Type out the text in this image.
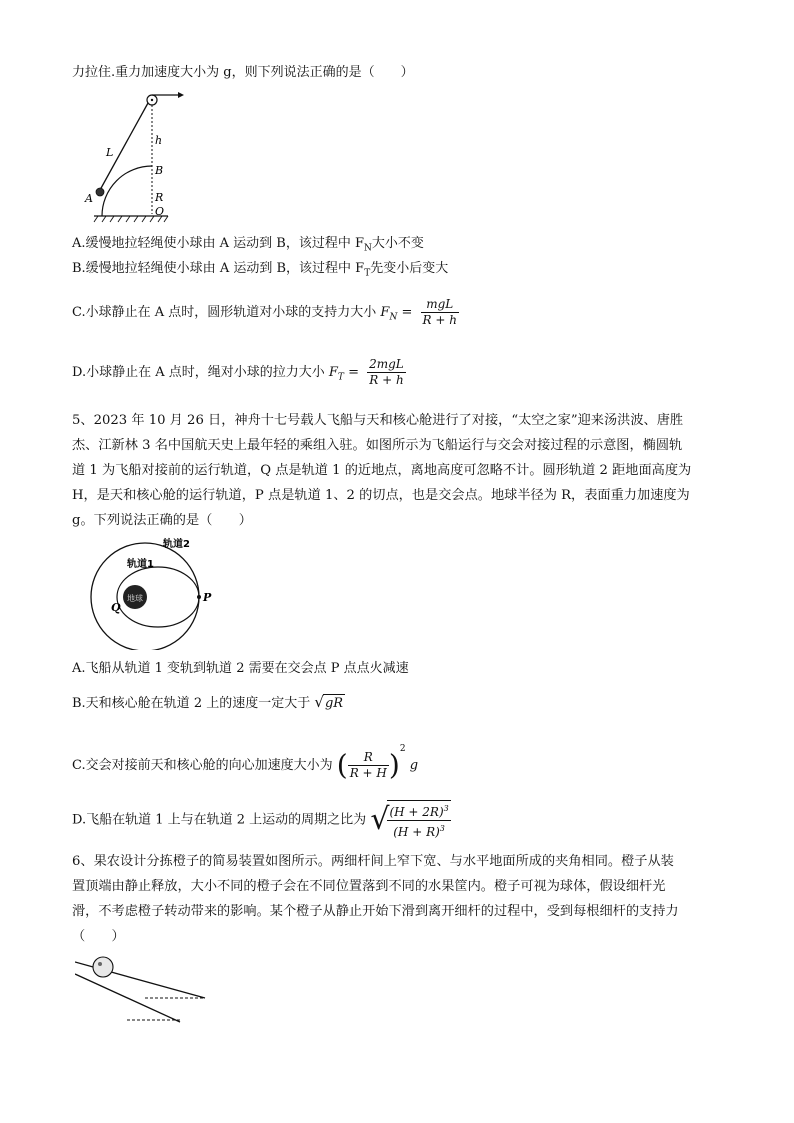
力拉住.重力加速度大小为 g，则下列说法正确的是（　　）
L
h
B
R
A
O
A.缓慢地拉轻绳使小球由 A 运动到 B，该过程中 $F_N$大小不变
B.缓慢地拉轻绳使小球由 A 运动到 B，该过程中 $F_T$先变小后变大
C.小球静止在 A 点时，圆形轨道对小球的支持力大小 $F_N = \frac{\text{mgL}}{R + h}$
D.小球静止在 A 点时，绳对小球的拉力大小 $F_T = \frac{\text{2mgL}}{R + h}$
5、2023 年 10 月 26 日，神舟十七号载人飞船与天和核心舱进行了对接，“太空之家”迎来汤洪波、唐胜
杰、江新林 3 名中国航天史上最年轻的乘组入驻。如图所示为飞船运行与交会对接过程的示意图，椭圆轨
道 1 为飞船对接前的运行轨道，Q 点是轨道 1 的近地点，离地高度可忽略不计。圆形轨道 2 距地面高度为
H，是天和核心舱的运行轨道，P 点是轨道 1、2 的切点，也是交会点。地球半径为 R，表面重力加速度为
g。下列说法正确的是（　　）
地球
轨道2
轨道1
Q
P
A.飞船从轨道 1 变轨到轨道 2 需要在交会点 P 点点火减速
B.天和核心舱在轨道 2 上的速度一定大于 √gR
C.交会对接前天和核心舱的向心加速度大小为 ( $\frac{R}{R + H} )^2$ g
D.飞船在轨道 1 上与在轨道 2 上运动的周期之比为 √
$\frac{(H + 2R)^3}{(H + R)^3}$
6、果农设计分拣橙子的简易装置如图所示。两细杆间上窄下宽、与水平地面所成的夹角相同。橙子从装
置顶端由静止释放，大小不同的橙子会在不同位置落到不同的水果筐内。橙子可视为球体，假设细杆光
滑，不考虑橙子转动带来的影响。某个橙子从静止开始下滑到离开细杆的过程中，受到每根细杆的支持力
（　　）
